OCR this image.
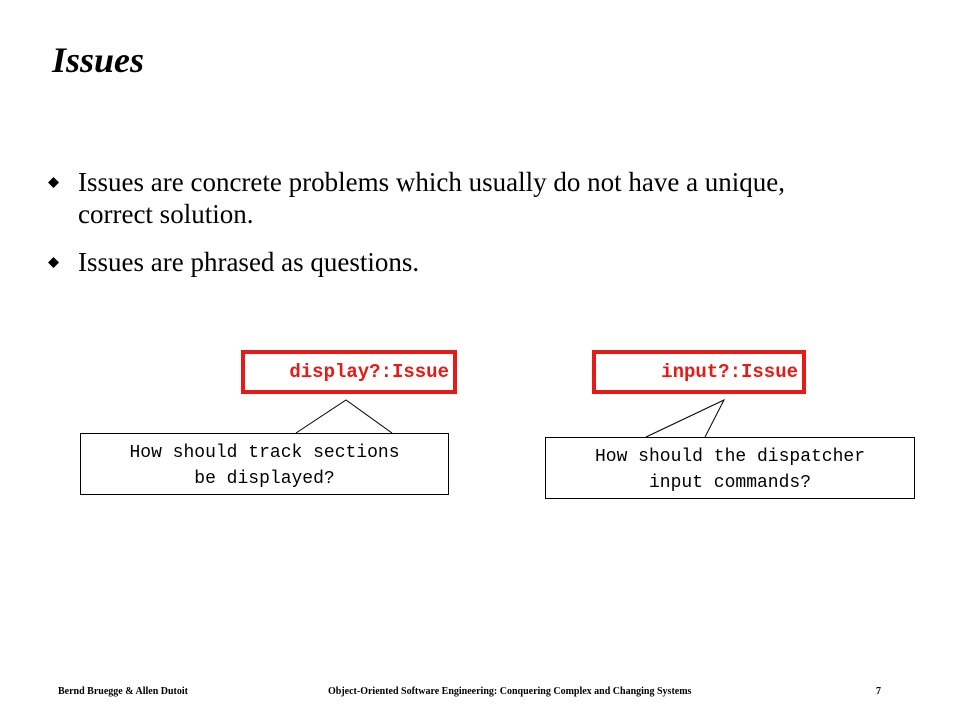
Issues
Issues are concrete problems which usually do not have a unique, correct solution.
Issues are phrased as questions.
display?:Issue
How should track sections
be displayed?
input?:Issue
How should the dispatcher
input commands?
Bernd Bruegge & Allen Dutoit	Object-Oriented Software Engineering: Conquering Complex and Changing Systems	7
